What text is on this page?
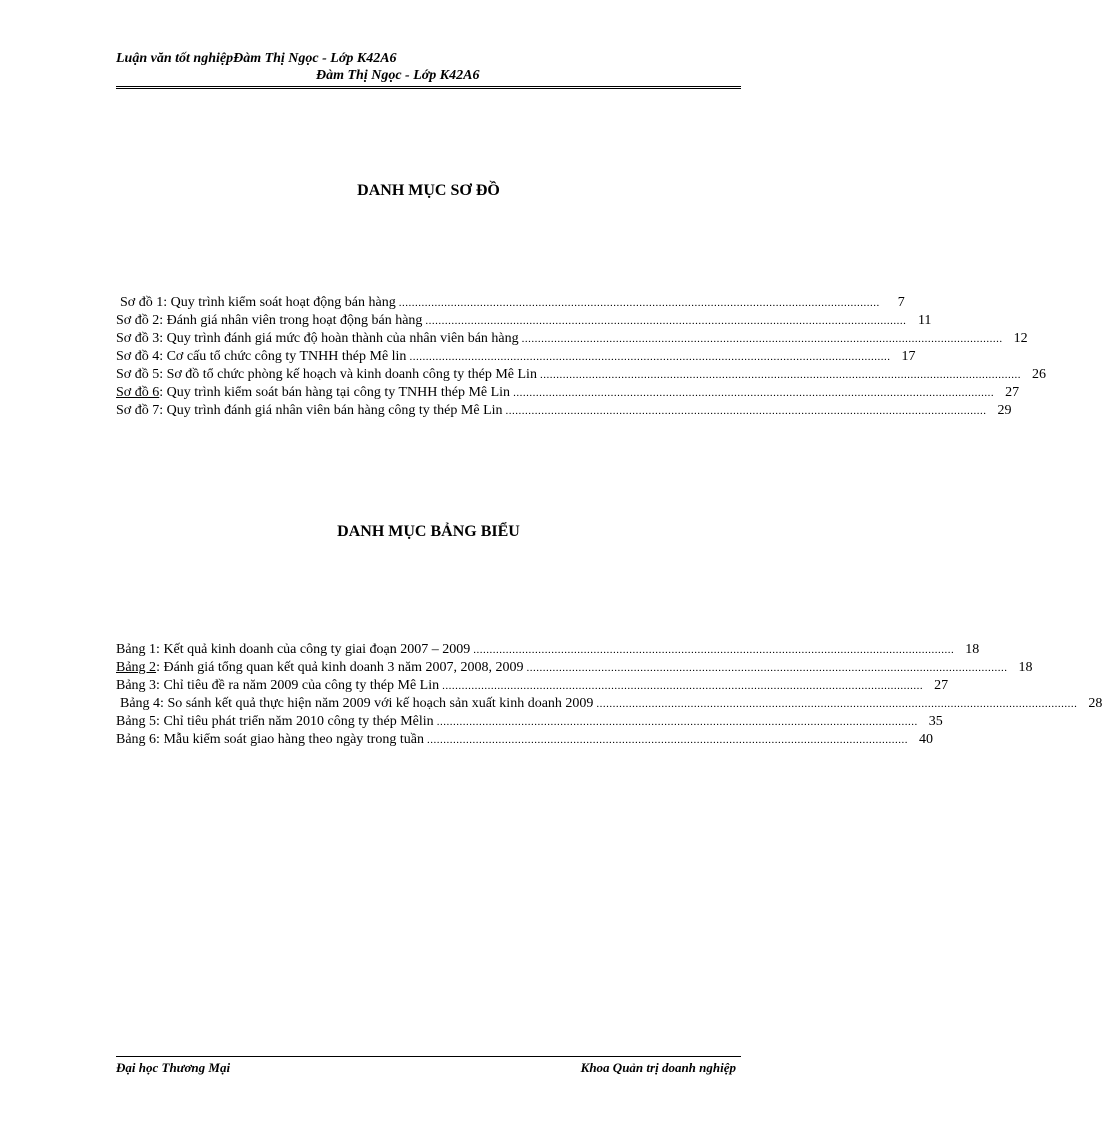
Luận văn tốt nghiệpĐàm Thị Ngọc - Lớp K42A6
Đàm Thị Ngọc - Lớp K42A6
DANH MỤC SƠ ĐỒ
Sơ đồ 1: Quy trình kiểm soát hoạt động bán hàng ....................................................................................................................................................	7
Sơ đồ 2: Đánh giá nhân viên trong hoạt động bán hàng .................................................................................................................................................... 11
Sơ đồ 3: Quy trình đánh giá mức độ hoàn thành của nhân viên bán hàng .................................................................................................................................................... 12
Sơ đồ 4: Cơ cấu tổ chức công ty TNHH thép Mê lin .................................................................................................................................................... 17
Sơ đồ 5: Sơ đồ tổ chức phòng kế hoạch và kinh doanh công ty thép Mê Lin .................................................................................................................................................... 26
Sơ đồ 6: Quy trình kiểm soát bán hàng tại công ty TNHH thép Mê Lin .................................................................................................................................................... 27
Sơ đồ 7: Quy trình đánh giá nhân viên bán hàng công ty thép Mê Lin .................................................................................................................................................... 29
DANH MỤC BẢNG BIỂU
Bảng 1: Kết quả kinh doanh của công ty giai đoạn 2007 – 2009 .................................................................................................................................................... 18
Bảng 2: Đánh giá tổng quan kết quả kinh doanh 3 năm 2007, 2008, 2009 .................................................................................................................................................... 18
Bảng 3: Chỉ tiêu đề ra năm 2009 của công ty thép Mê Lin .................................................................................................................................................... 27
Bảng 4: So sánh kết quả thực hiện năm 2009 với kế hoạch sản xuất kinh doanh 2009 .................................................................................................................................................... 28
Bảng 5: Chỉ tiêu phát triển năm 2010 công ty thép Mêlin .................................................................................................................................................... 35
Bảng 6: Mẫu kiểm soát giao hàng theo ngày trong tuần .................................................................................................................................................... 40
Đại học Thương Mại	Khoa Quản trị doanh nghiệp
